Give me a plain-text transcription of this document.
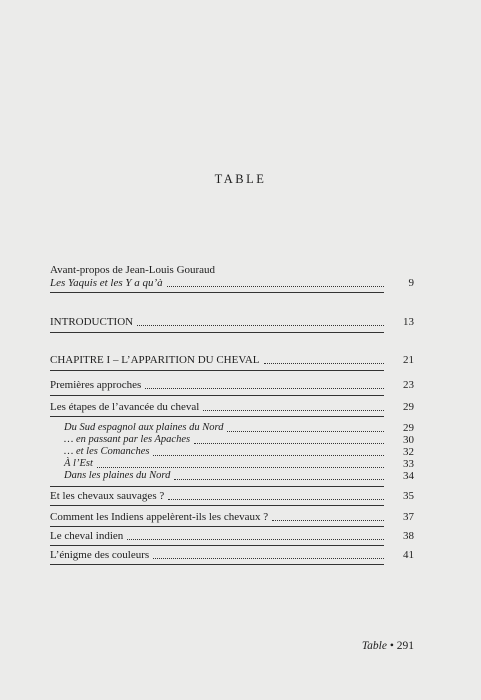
TABLE
Avant-propos de Jean-Louis Gouraud
Les Yaquis et les Y a qu’à	9
INTRODUCTION	13
CHAPITRE I – L’APPARITION DU CHEVAL	21
Premières approches	23
Les étapes de l’avancée du cheval	29
Du Sud espagnol aux plaines du Nord	29
… en passant par les Apaches	30
… et les Comanches	32
À l’Est	33
Dans les plaines du Nord	34
Et les chevaux sauvages ?	35
Comment les Indiens appelèrent-ils les chevaux ?	37
Le cheval indien	38
L’énigme des couleurs	41
Table • 291
